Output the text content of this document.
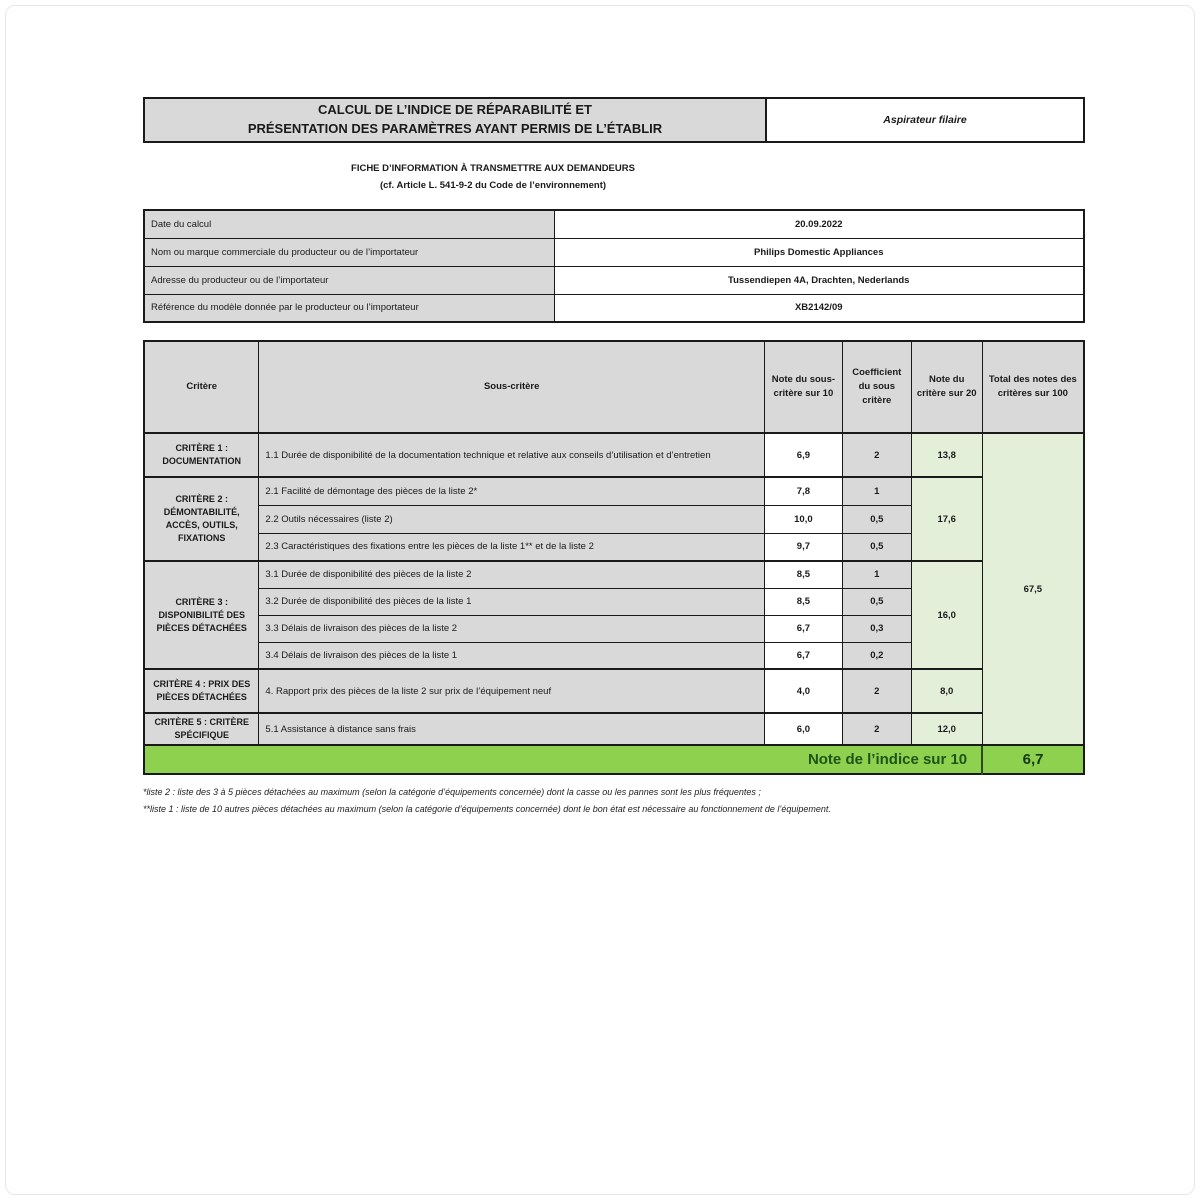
CALCUL DE L’INDICE DE RÉPARABILITÉ ET
PRÉSENTATION DES PARAMÈTRES AYANT PERMIS DE L’ÉTABLIR
Aspirateur filaire
FICHE D’INFORMATION À TRANSMETTRE AUX DEMANDEURS
(cf. Article L. 541-9-2 du Code de l’environnement)
Date du calcul	20.09.2022
Nom ou marque commerciale du producteur ou de l’importateur	Philips Domestic Appliances
Adresse du producteur ou de l’importateur	Tussendiepen 4A, Drachten, Nederlands
Référence du modèle donnée par le producteur ou l’importateur	XB2142/09
Critère	Sous-critère	Note du sous-critère sur 10	Coefficient du sous critère	Note du critère sur 20	Total des notes des critères sur 100
CRITÈRE 1 : DOCUMENTATION	1.1 Durée de disponibilité de la documentation technique et relative aux conseils d’utilisation et d’entretien	6,9	2	13,8	67,5
CRITÈRE 2 : DÉMONTABILITÉ, ACCÈS, OUTILS, FIXATIONS	2.1 Facilité de démontage des pièces de la liste 2*	7,8	1	17,6	
	2.2 Outils nécessaires (liste 2)	10,0	0,5		
	2.3 Caractéristiques des fixations entre les pièces de la liste 1** et de la liste 2	9,7	0,5		
CRITÈRE 3 : DISPONIBILITÉ DES PIÈCES DÉTACHÉES	3.1 Durée de disponibilité des pièces de la liste 2	8,5	1	16,0	
	3.2 Durée de disponibilité des pièces de la liste 1	8,5	0,5		
	3.3 Délais de livraison des pièces de la liste 2	6,7	0,3		
	3.4 Délais de livraison des pièces de la liste 1	6,7	0,2		
CRITÈRE 4 : PRIX DES PIÈCES DÉTACHÉES	4. Rapport prix des pièces de la liste 2 sur prix de l’équipement neuf	4,0	2	8,0	
CRITÈRE 5 : CRITÈRE SPÉCIFIQUE	5.1 Assistance à distance sans frais	6,0	2	12,0	
Note de l’indice sur 10					6,7
*liste 2 : liste des 3 à 5 pièces détachées au maximum (selon la catégorie d’équipements concernée) dont la casse ou les pannes sont les plus fréquentes ;
**liste 1 : liste de 10 autres pièces détachées au maximum (selon la catégorie d’équipements concernée) dont le bon état est nécessaire au fonctionnement de l’équipement.
